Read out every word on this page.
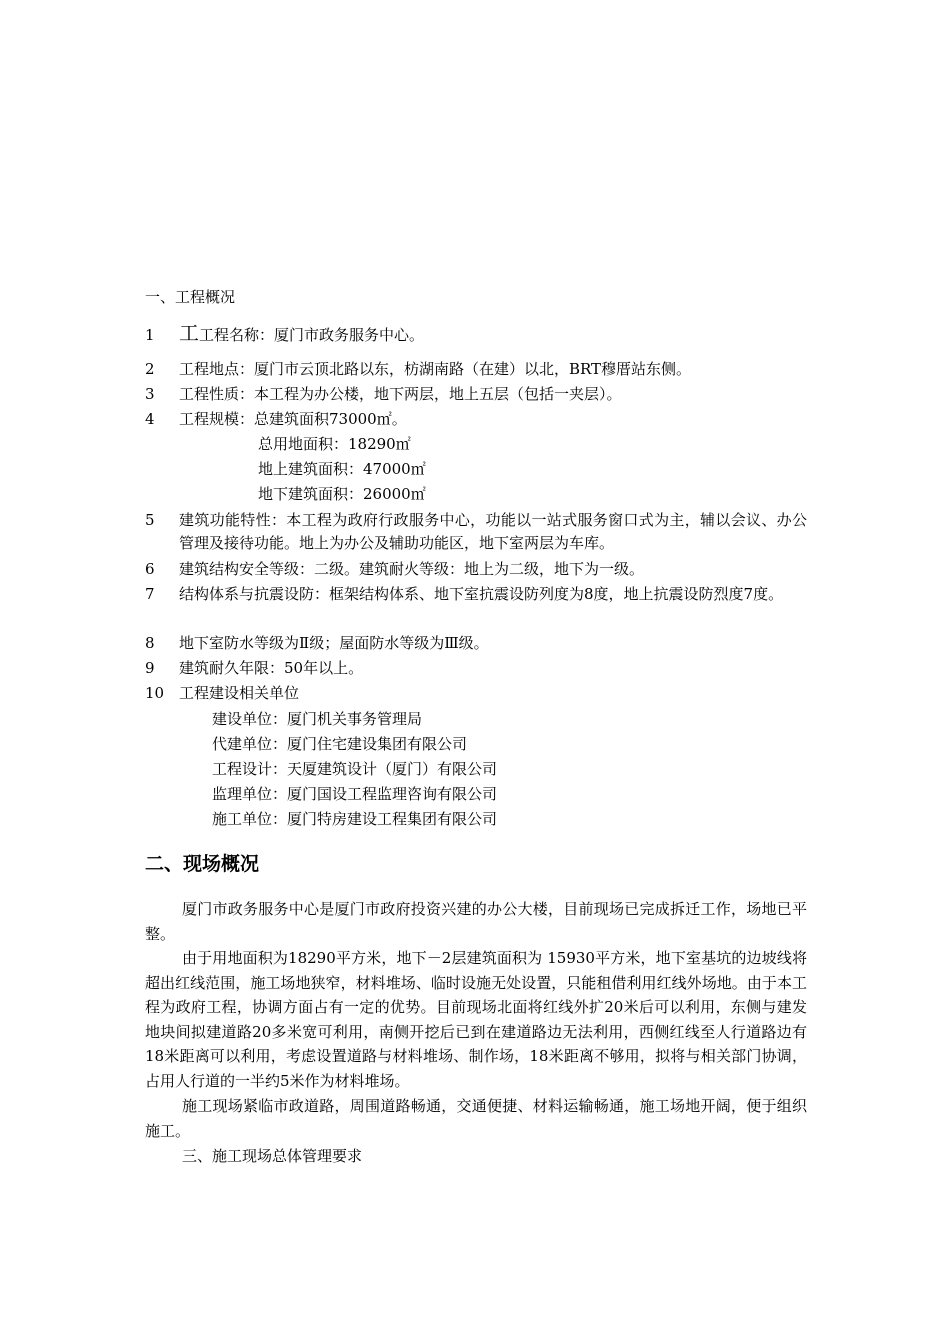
一、工程概况
1 工工程名称：厦门市政务服务中心。
2 工程地点：厦门市云顶北路以东，枋湖南路（在建）以北，BRT穆厝站东侧。
3 工程性质：本工程为办公楼，地下两层，地上五层（包括一夹层）。
4 工程规模：总建筑面积73000㎡。
总用地面积：18290㎡
地上建筑面积：47000㎡
地下建筑面积：26000㎡
5 建筑功能特性：本工程为政府行政服务中心，功能以一站式服务窗口式为主，辅以会议、办公管理及接待功能。地上为办公及辅助功能区，地下室两层为车库。
6 建筑结构安全等级：二级。建筑耐火等级：地上为二级，地下为一级。
7 结构体系与抗震设防：框架结构体系、地下室抗震设防列度为8度，地上抗震设防烈度7度。
8 地下室防水等级为Ⅱ级；屋面防水等级为Ⅲ级。
9 建筑耐久年限：50年以上。
10 工程建设相关单位
建设单位：厦门机关事务管理局
代建单位：厦门住宅建设集团有限公司
工程设计：天厦建筑设计（厦门）有限公司
监理单位：厦门国设工程监理咨询有限公司
施工单位：厦门特房建设工程集团有限公司
二、现场概况
厦门市政务服务中心是厦门市政府投资兴建的办公大楼，目前现场已完成拆迁工作，场地已平整。
由于用地面积为18290平方米，地下－2层建筑面积为 15930平方米，地下室基坑的边坡线将超出红线范围，施工场地狭窄，材料堆场、临时设施无处设置，只能租借利用红线外场地。由于本工程为政府工程，协调方面占有一定的优势。目前现场北面将红线外扩20米后可以利用，东侧与建发地块间拟建道路20多米宽可利用，南侧开挖后已到在建道路边无法利用，西侧红线至人行道路边有18米距离可以利用，考虑设置道路与材料堆场、制作场，18米距离不够用，拟将与相关部门协调，占用人行道的一半约5米作为材料堆场。
施工现场紧临市政道路，周围道路畅通，交通便捷、材料运输畅通，施工场地开阔，便于组织施工。
三、施工现场总体管理要求
